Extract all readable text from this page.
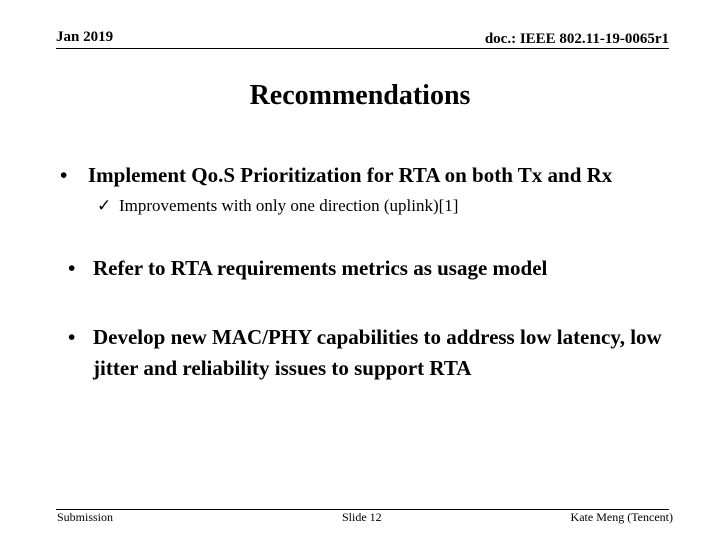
Jan 2019	doc.: IEEE 802.11-19-0065r1
Recommendations
• Implement Qo.S Prioritization for RTA on both Tx and Rx
✓ Improvements with only one direction (uplink)[1]
• Refer to RTA requirements metrics as usage model
• Develop new MAC/PHY capabilities to address low latency, low jitter and reliability issues to support RTA
Submission	Slide 12	Kate Meng (Tencent)
